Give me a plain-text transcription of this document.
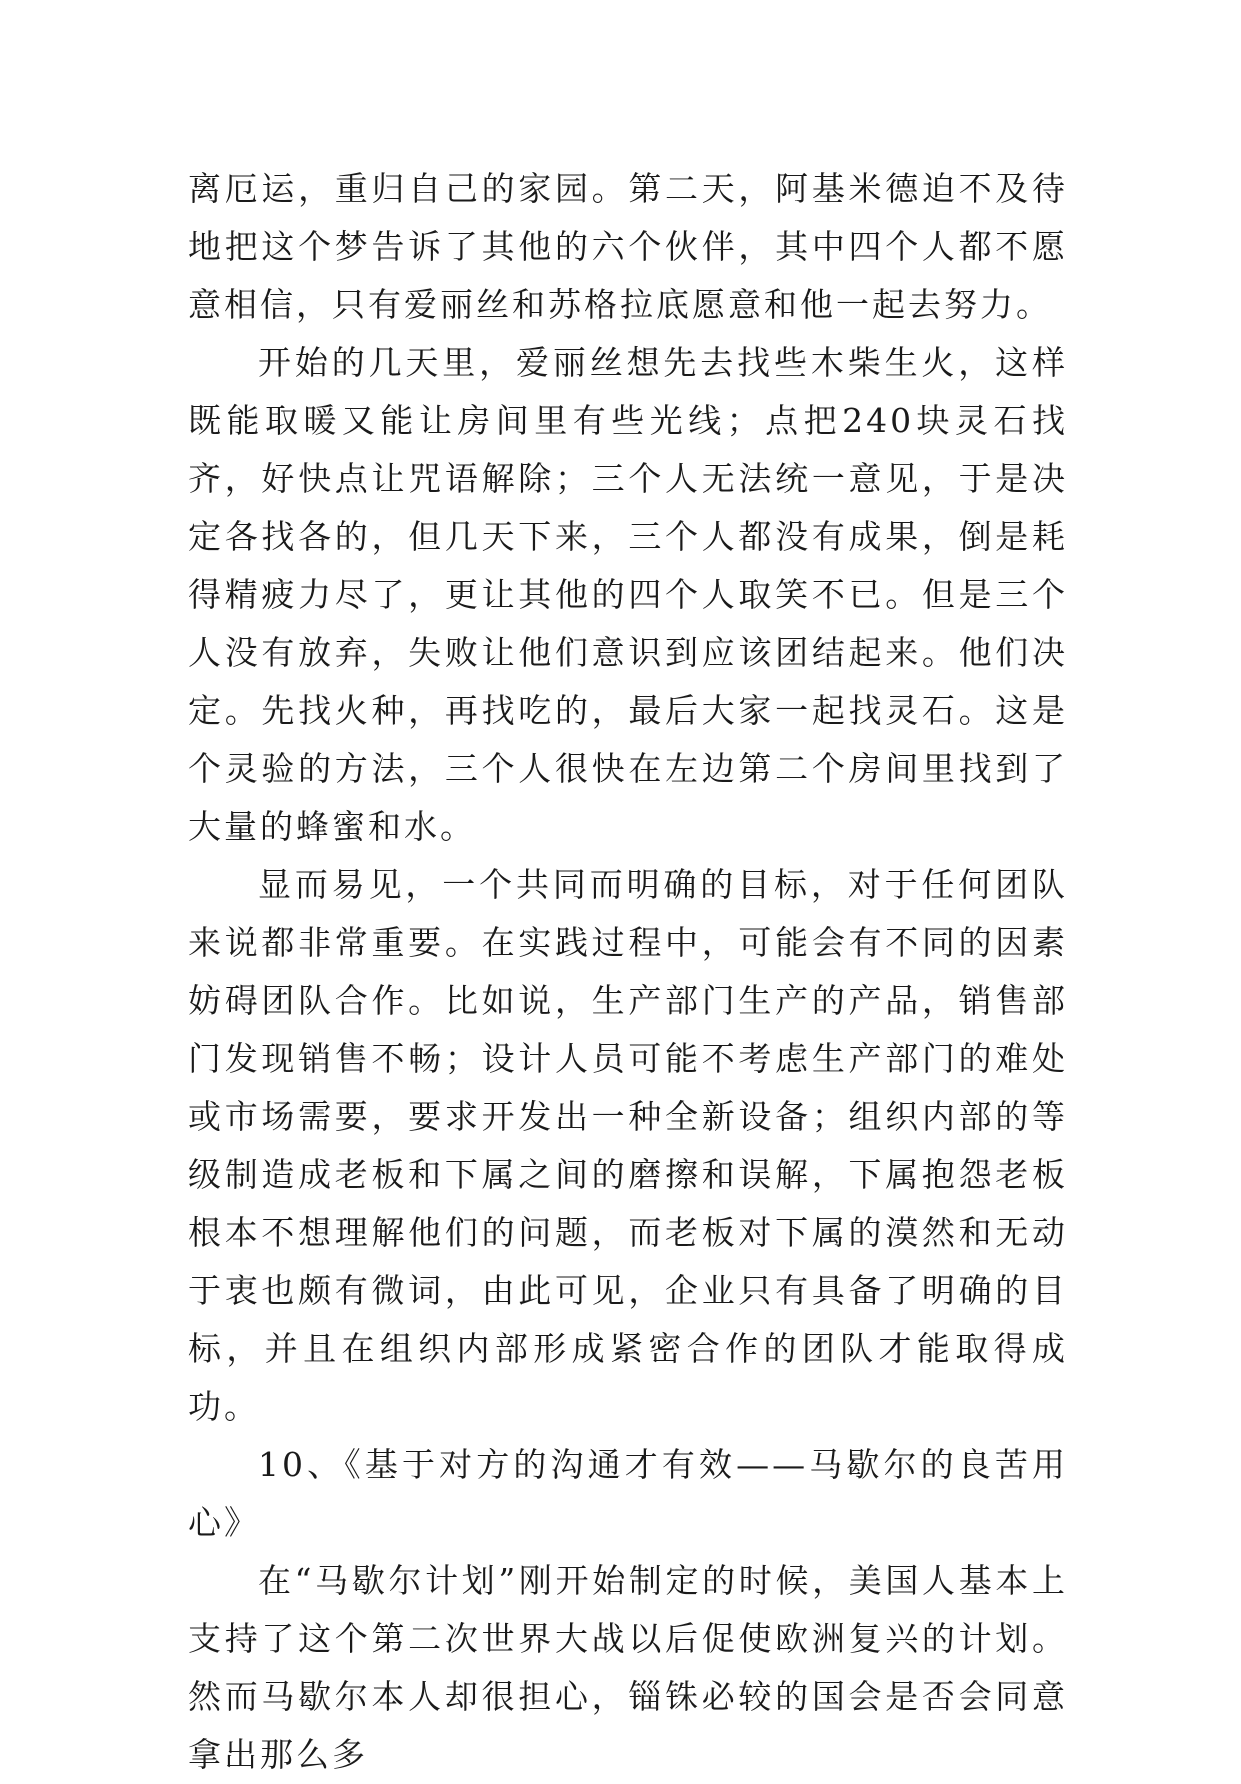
离厄运，重归自己的家园。第二天，阿基米德迫不及待地把这个梦告诉了其他的六个伙伴，其中四个人都不愿意相信，只有爱丽丝和苏格拉底愿意和他一起去努力。

开始的几天里，爱丽丝想先去找些木柴生火，这样既能取暖又能让房间里有些光线；点把240块灵石找齐，好快点让咒语解除；三个人无法统一意见，于是决定各找各的，但几天下来，三个人都没有成果，倒是耗得精疲力尽了，更让其他的四个人取笑不已。但是三个人没有放弃，失败让他们意识到应该团结起来。他们决定。先找火种，再找吃的，最后大家一起找灵石。这是个灵验的方法，三个人很快在左边第二个房间里找到了大量的蜂蜜和水。

显而易见，一个共同而明确的目标，对于任何团队来说都非常重要。在实践过程中，可能会有不同的因素妨碍团队合作。比如说，生产部门生产的产品，销售部门发现销售不畅；设计人员可能不考虑生产部门的难处或市场需要，要求开发出一种全新设备；组织内部的等级制造成老板和下属之间的磨擦和误解，下属抱怨老板根本不想理解他们的问题，而老板对下属的漠然和无动于衷也颇有微词，由此可见，企业只有具备了明确的目标，并且在组织内部形成紧密合作的团队才能取得成功。

10、《基于对方的沟通才有效——马歇尔的良苦用心》

在“马歇尔计划”刚开始制定的时候，美国人基本上支持了这个第二次世界大战以后促使欧洲复兴的计划。然而马歇尔本人却很担心，锱铢必较的国会是否会同意拿出那么多
